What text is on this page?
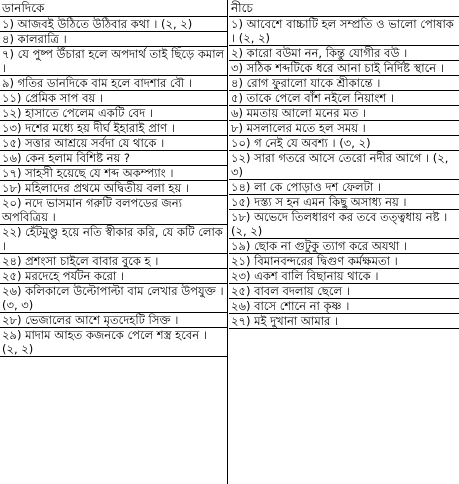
ডানদিকে
১) আজবই উঠিতে উঠিবার কথা । (২, ২)
৪) কালরাত্রি ।
৭) যে পুষ্প উঁচারা হলে অপদার্থ তাই ছিঁড়ে কমাল ।
৯) গতির ডানদিকে বাম হলে বাদশার বৌ ।
১১) প্রেমিক সাপ বয় ।
১২) হাসাতে পেলেম একটি বেদ ।
১৩) দশের মধ্যে হয় দীর্ঘ ইহারাই প্রাণ ।
১৫) সত্তার আশ্রয়ে সর্বদা যে থাকে ।
১৬) কেন হলাম বিশিষ্ট নয় ?
১৭) সাহসী হয়েছে যে শব্দ অকম্প্যাং ।
১৮) মহিলাদের প্রথমে অদ্বিতীয় বলা হয় ।
২০) নদে ভাসমান গরুটি বলপডের জন্য অপবিত্রিয় ।
২২) হেঁটমুণ্ডু হয়ে নতি স্বীকার করি, যে কটি লোক ।
২৪) প্রশংসা চাইলে বাবার বুকে হ ।
২৫) মরদেহে পর্যটন করো ।
২৬) কলিকালে উল্টোপাল্টা বাম লেখার উপযুক্ত । (৩, ৩)
২৮) ভেজালের আশে মৃতদেহটি সিক্ত ।
২৯) মাদাম আহত কজনকে পেলে শস্ত্র হবেন । (২, ২)
নীচে
১) আবেশে বাচ্চাটি হল সম্প্রতি ও ভালো পোষাক । (২, ২)
২) কারো বউমা নন, কিন্তু যোগীর বউ ।
৩) সঠিক শব্দটিকে ধরে আনা চাই নির্দিষ্ট স্থানে ।
৪) রোগ ফুরালো যাকে শ্রীকান্তে ।
৫) তাকে পেলে বাঁশ নইলে নিয়াংশ ।
৬) মমতায় আলো মনের মত ।
৮) মসলালের মতে হল সময় ।
১০) গ নেই যে অবশ্য । (৩, ২)
১২) সারা গতরে আসে তেরো নদীর আগে । (২, ৩)
১৪) লা কে পোড়াও দশ ফেলটা ।
১৫) দস্ত্য স হন এমন কিছু অসাধ্য নয় ।
১৮) অভেদে তিলধারণ কর তবে তত্ত্বধায় নষ্ট । (২, ২)
১৯) ছোক না গুটুকু ত্যাগ করে অযথা ।
২১) বিমানবন্দরের দ্বিগুণ কর্মক্ষমতা ।
২৩) একশ বালি বিছানায় থাকে ।
২৫) বাবল বদলায় ছেলে ।
২৬) বাসে শোনে না কৃষ্ণ ।
২৭) মই দুখানা আমার ।
